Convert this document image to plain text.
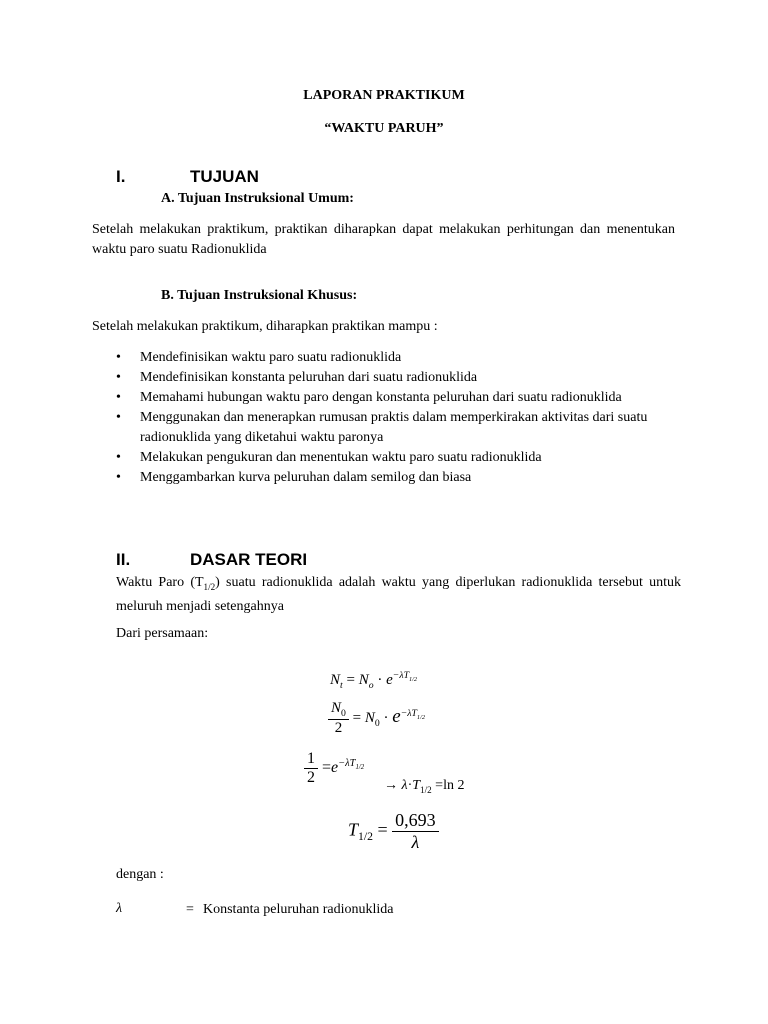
LAPORAN PRAKTIKUM
“WAKTU PARUH”
I.	TUJUAN
A. Tujuan Instruksional Umum:
Setelah melakukan praktikum, praktikan diharapkan dapat melakukan perhitungan dan menentukan waktu paro suatu Radionuklida
B. Tujuan Instruksional Khusus:
Setelah melakukan praktikum, diharapkan praktikan mampu :
• Mendefinisikan waktu paro suatu radionuklida
• Mendefinisikan konstanta peluruhan dari suatu radionuklida
• Memahami hubungan waktu paro dengan konstanta peluruhan dari suatu radionuklida
• Menggunakan dan menerapkan rumusan praktis dalam memperkirakan aktivitas dari suatu radionuklida yang diketahui waktu paronya
• Melakukan pengukuran dan menentukan waktu paro suatu radionuklida
• Menggambarkan kurva peluruhan dalam semilog dan biasa
II.	DASAR TEORI
Waktu Paro $(T_{1/2})$ suatu radionuklida adalah waktu yang diperlukan radionuklida tersebut untuk meluruh menjadi setengahnya
Dari persamaan:
$N_t = N_o \cdot e^{-\lambda T_{1/2}}$
$\frac{N_0}{2} = N_0 \cdot e^{-\lambda T_{1/2}}$
$\frac{1}{2} =e^{-\lambda T_{1/2}}$
→ $\lambda\cdot T_{1/2} =\ln$ 2
$T_{1/2} = \frac{0,693}{\lambda}$
dengan :
λ	= Konstanta peluruhan radionuklida
